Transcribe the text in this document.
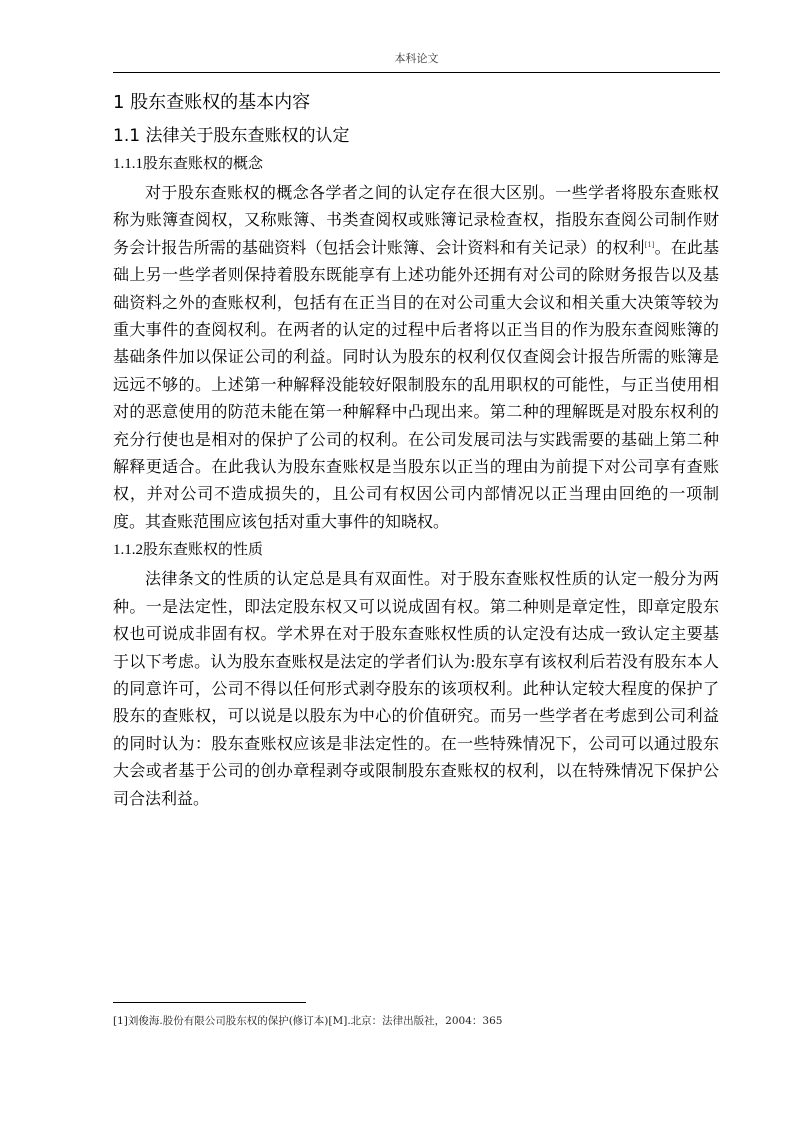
本科论文
1 股东查账权的基本内容
1.1 法律关于股东查账权的认定
1.1.1股东查账权的概念

对于股东查账权的概念各学者之间的认定存在很大区别。一些学者将股东查账权称为账簿查阅权，又称账簿、书类查阅权或账簿记录检查权，指股东查阅公司制作财务会计报告所需的基础资料（包括会计账簿、会计资料和有关记录）的权利[1]。在此基础上另一些学者则保持着股东既能享有上述功能外还拥有对公司的除财务报告以及基础资料之外的查账权利，包括有在正当目的在对公司重大会议和相关重大决策等较为重大事件的查阅权利。在两者的认定的过程中后者将以正当目的作为股东查阅账簿的基础条件加以保证公司的利益。同时认为股东的权利仅仅查阅会计报告所需的账簿是远远不够的。上述第一种解释没能较好限制股东的乱用职权的可能性，与正当使用相对的恶意使用的防范未能在第一种解释中凸现出来。第二种的理解既是对股东权利的充分行使也是相对的保护了公司的权利。在公司发展司法与实践需要的基础上第二种解释更适合。在此我认为股东查账权是当股东以正当的理由为前提下对公司享有查账权，并对公司不造成损失的，且公司有权因公司内部情况以正当理由回绝的一项制度。其查账范围应该包括对重大事件的知晓权。

1.1.2股东查账权的性质

法律条文的性质的认定总是具有双面性。对于股东查账权性质的认定一般分为两种。一是法定性，即法定股东权又可以说成固有权。第二种则是章定性，即章定股东权也可说成非固有权。学术界在对于股东查账权性质的认定没有达成一致认定主要基于以下考虑。认为股东查账权是法定的学者们认为:股东享有该权利后若没有股东本人的同意许可，公司不得以任何形式剥夺股东的该项权利。此种认定较大程度的保护了股东的查账权，可以说是以股东为中心的价值研究。而另一些学者在考虑到公司利益的同时认为：股东查账权应该是非法定性的。在一些特殊情况下，公司可以通过股东大会或者基于公司的创办章程剥夺或限制股东查账权的权利，以在特殊情况下保护公司合法利益。

[1]刘俊海.股份有限公司股东权的保护(修订本)[M].北京：法律出版社，2004：365
